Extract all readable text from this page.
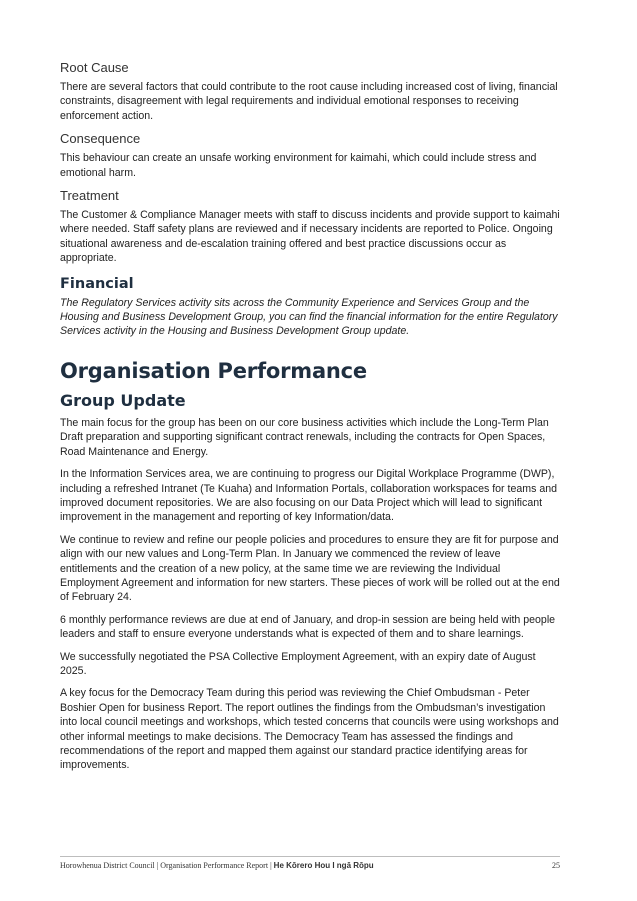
Root Cause

There are several factors that could contribute to the root cause including increased cost of living, financial constraints, disagreement with legal requirements and individual emotional responses to receiving enforcement action.

Consequence

This behaviour can create an unsafe working environment for kaimahi, which could include stress and emotional harm.

Treatment

The Customer & Compliance Manager meets with staff to discuss incidents and provide support to kaimahi where needed. Staff safety plans are reviewed and if necessary incidents are reported to Police. Ongoing situational awareness and de-escalation training offered and best practice discussions occur as appropriate.

Financial

The Regulatory Services activity sits across the Community Experience and Services Group and the Housing and Business Development Group, you can find the financial information for the entire Regulatory Services activity in the Housing and Business Development Group update.

Organisation Performance
Group Update

The main focus for the group has been on our core business activities which include the Long-Term Plan Draft preparation and supporting significant contract renewals, including the contracts for Open Spaces, Road Maintenance and Energy.

In the Information Services area, we are continuing to progress our Digital Workplace Programme (DWP), including a refreshed Intranet (Te Kuaha) and Information Portals, collaboration workspaces for teams and improved document repositories. We are also focusing on our Data Project which will lead to significant improvement in the management and reporting of key Information/data.

We continue to review and refine our people policies and procedures to ensure they are fit for purpose and align with our new values and Long-Term Plan. In January we commenced the review of leave entitlements and the creation of a new policy, at the same time we are reviewing the Individual Employment Agreement and information for new starters. These pieces of work will be rolled out at the end of February 24.

6 monthly performance reviews are due at end of January, and drop-in session are being held with people leaders and staff to ensure everyone understands what is expected of them and to share learnings.

We successfully negotiated the PSA Collective Employment Agreement, with an expiry date of August 2025.

A key focus for the Democracy Team during this period was reviewing the Chief Ombudsman - Peter Boshier Open for business Report. The report outlines the findings from the Ombudsman’s investigation into local council meetings and workshops, which tested concerns that councils were using workshops and other informal meetings to make decisions. The Democracy Team has assessed the findings and recommendations of the report and mapped them against our standard practice identifying areas for improvements.

Horowhenua District Council | Organisation Performance Report | He Kōrero Hou I ngā Rōpu	25
